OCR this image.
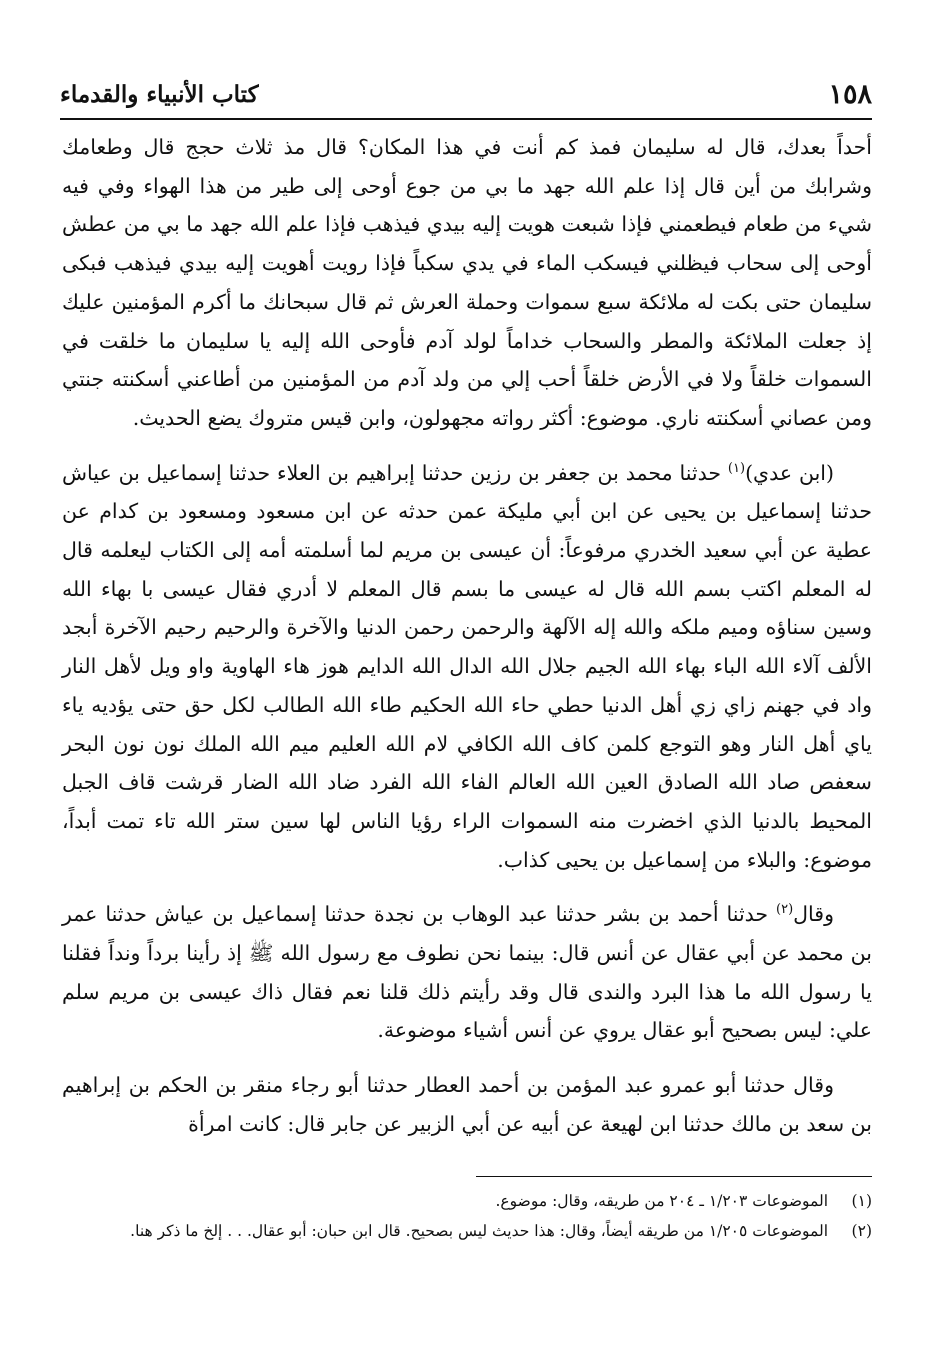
١٥٨
كتاب الأنبياء والقدماء

أحداً بعدك، قال له سليمان فمذ كم أنت في هذا المكان؟ قال مذ ثلاث حجج قال وطعامك وشرابك من أين قال إذا علم الله جهد ما بي من جوع أوحى إلى طير من هذا الهواء وفي فيه شيء من طعام فيطعمني فإذا شبعت هويت إليه بيدي فيذهب فإذا علم الله جهد ما بي من عطش أوحى إلى سحاب فيظلني فيسكب الماء في يدي سكباً فإذا رويت أهويت إليه بيدي فيذهب فبكى سليمان حتى بكت له ملائكة سبع سموات وحملة العرش ثم قال سبحانك ما أكرم المؤمنين عليك إذ جعلت الملائكة والمطر والسحاب خداماً لولد آدم فأوحى الله إليه يا سليمان ما خلقت في السموات خلقاً ولا في الأرض خلقاً أحب إلي من ولد آدم من المؤمنين من أطاعني أسكنته جنتي ومن عصاني أسكنته ناري. موضوع: أكثر رواته مجهولون، وابن قيس متروك يضع الحديث.

(ابن عدي)$^{(١)}$ حدثنا محمد بن جعفر بن رزين حدثنا إبراهيم بن العلاء حدثنا إسماعيل بن عياش حدثنا إسماعيل بن يحيى عن ابن أبي مليكة عمن حدثه عن ابن مسعود ومسعود بن كدام عن عطية عن أبي سعيد الخدري مرفوعاً: أن عيسى بن مريم لما أسلمته أمه إلى الكتاب ليعلمه قال له المعلم اكتب بسم الله قال له عيسى ما بسم قال المعلم لا أدري فقال عيسى با بهاء الله وسين سناؤه وميم ملكه والله إله الآلهة والرحمن رحمن الدنيا والآخرة والرحيم رحيم الآخرة أبجد الألف آلاء الله الباء بهاء الله الجيم جلال الله الدال الله الدايم هوز هاء الهاوية واو ويل لأهل النار واد في جهنم زاي زي أهل الدنيا حطي حاء الله الحكيم طاء الله الطالب لكل حق حتى يؤديه ياء ياي أهل النار وهو التوجع كلمن كاف الله الكافي لام الله العليم ميم الله الملك نون نون البحر سعفص صاد الله الصادق العين الله العالم الفاء الله الفرد ضاد الله الضار قرشت قاف الجبل المحيط بالدنيا الذي اخضرت منه السموات الراء رؤيا الناس لها سين ستر الله تاء تمت أبداً، موضوع: والبلاء من إسماعيل بن يحيى كذاب.

وقال$^{(٢)}$ حدثنا أحمد بن بشر حدثنا عبد الوهاب بن نجدة حدثنا إسماعيل بن عياش حدثنا عمر بن محمد عن أبي عقال عن أنس قال: بينما نحن نطوف مع رسول الله ﷺ إذ رأينا برداً ونداً فقلنا يا رسول الله ما هذا البرد والندى قال وقد رأيتم ذلك قلنا نعم فقال ذاك عيسى بن مريم سلم علي: ليس بصحيح أبو عقال يروي عن أنس أشياء موضوعة.

وقال حدثنا أبو عمرو عبد المؤمن بن أحمد العطار حدثنا أبو رجاء منقر بن الحكم بن إبراهيم بن سعد بن مالك حدثنا ابن لهيعة عن أبيه عن أبي الزبير عن جابر قال: كانت امرأة

(١)
الموضوعات ١/٢٠٣ ـ ٢٠٤ من طريقه، وقال: موضوع.
(٢)
الموضوعات ١/٢٠٥ من طريقه أيضاً، وقال: هذا حديث ليس بصحيح. قال ابن حبان: أبو عقال. . . إلخ ما ذكر هنا.
